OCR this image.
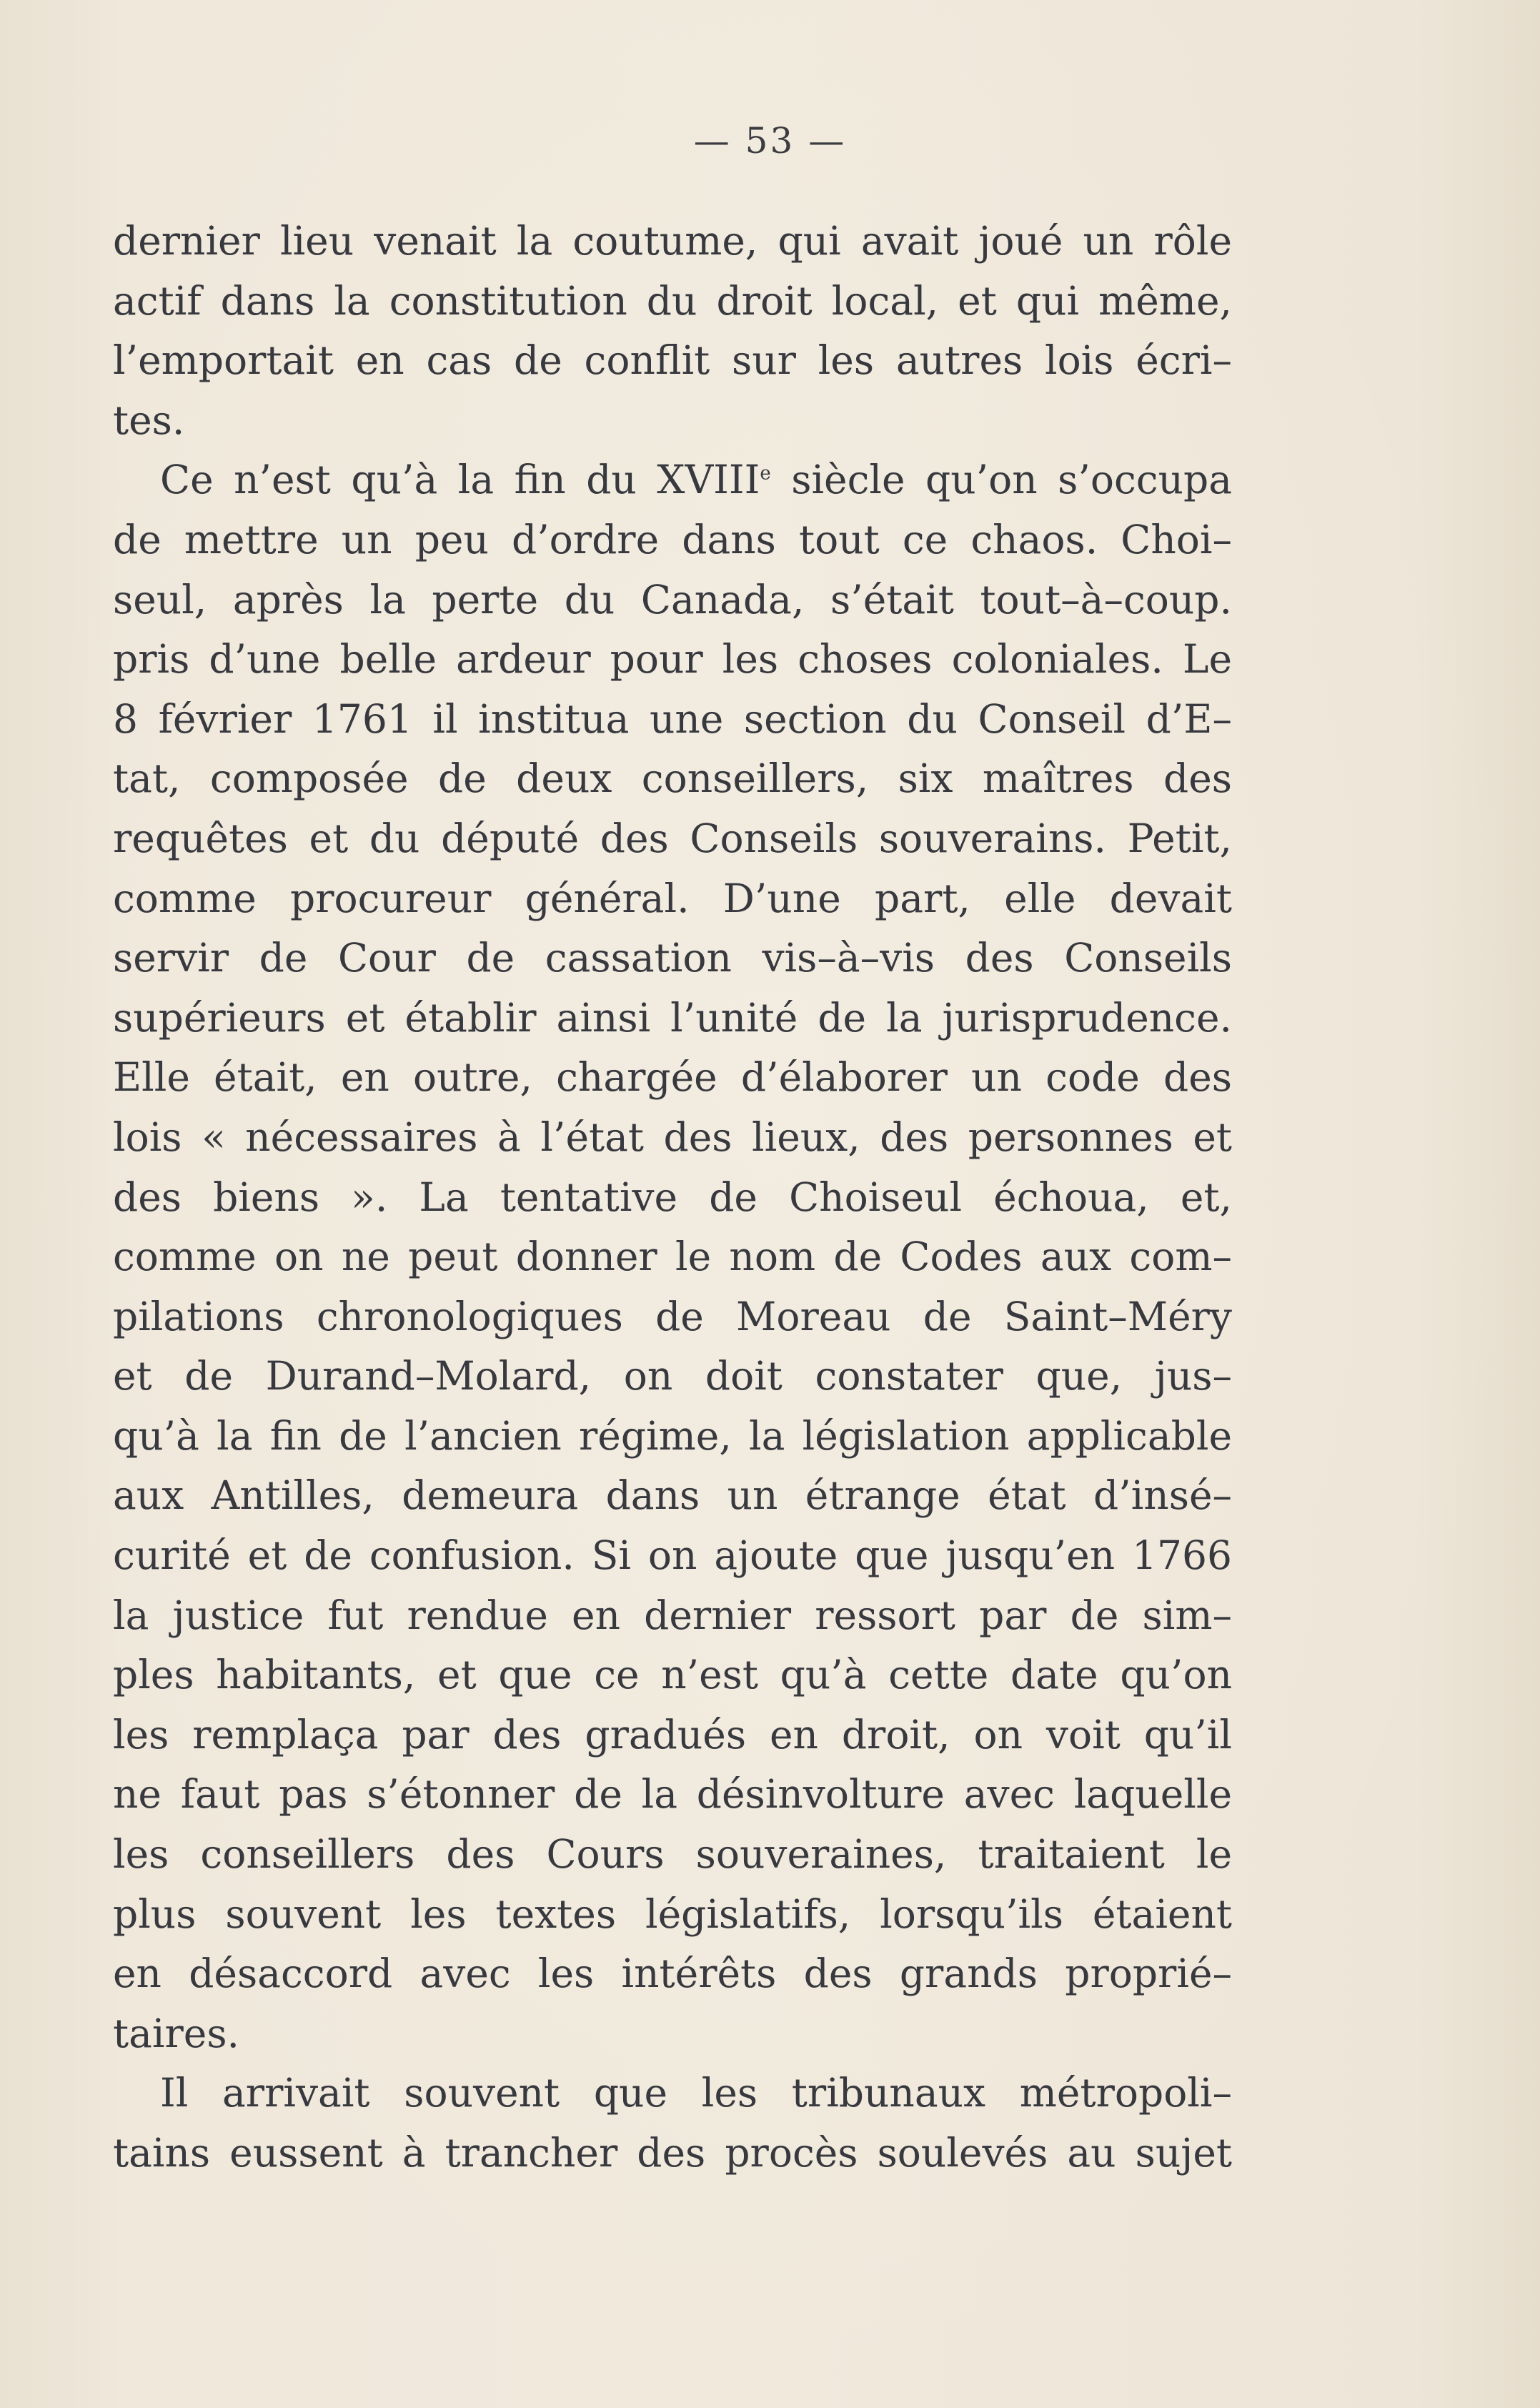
— 53 —

dernier lieu venait la coutume, qui avait joué un rôle
actif dans la constitution du droit local, et qui même,
l’emportait en cas de conflit sur les autres lois écri–
tes.
Ce n’est qu’à la fin du XVIIIe siècle qu’on s’occupa
de mettre un peu d’ordre dans tout ce chaos. Choi–
seul, après la perte du Canada, s’était tout–à–coup.
pris d’une belle ardeur pour les choses coloniales. Le
8 février 1761 il institua une section du Conseil d’E–
tat, composée de deux conseillers, six maîtres des
requêtes et du député des Conseils souverains. Petit,
comme procureur général. D’une part, elle devait
servir de Cour de cassation vis–à–vis des Conseils
supérieurs et établir ainsi l’unité de la jurisprudence.
Elle était, en outre, chargée d’élaborer un code des
lois « nécessaires à l’état des lieux, des personnes et
des biens ». La tentative de Choiseul échoua, et,
comme on ne peut donner le nom de Codes aux com–
pilations chronologiques de Moreau de Saint–Méry
et de Durand–Molard, on doit constater que, jus–
qu’à la fin de l’ancien régime, la législation applicable
aux Antilles, demeura dans un étrange état d’insé–
curité et de confusion. Si on ajoute que jusqu’en 1766
la justice fut rendue en dernier ressort par de sim–
ples habitants, et que ce n’est qu’à cette date qu’on
les remplaça par des gradués en droit, on voit qu’il
ne faut pas s’étonner de la désinvolture avec laquelle
les conseillers des Cours souveraines, traitaient le
plus souvent les textes législatifs, lorsqu’ils étaient
en désaccord avec les intérêts des grands proprié–
taires.
Il arrivait souvent que les tribunaux métropoli–
tains eussent à trancher des procès soulevés au sujet
